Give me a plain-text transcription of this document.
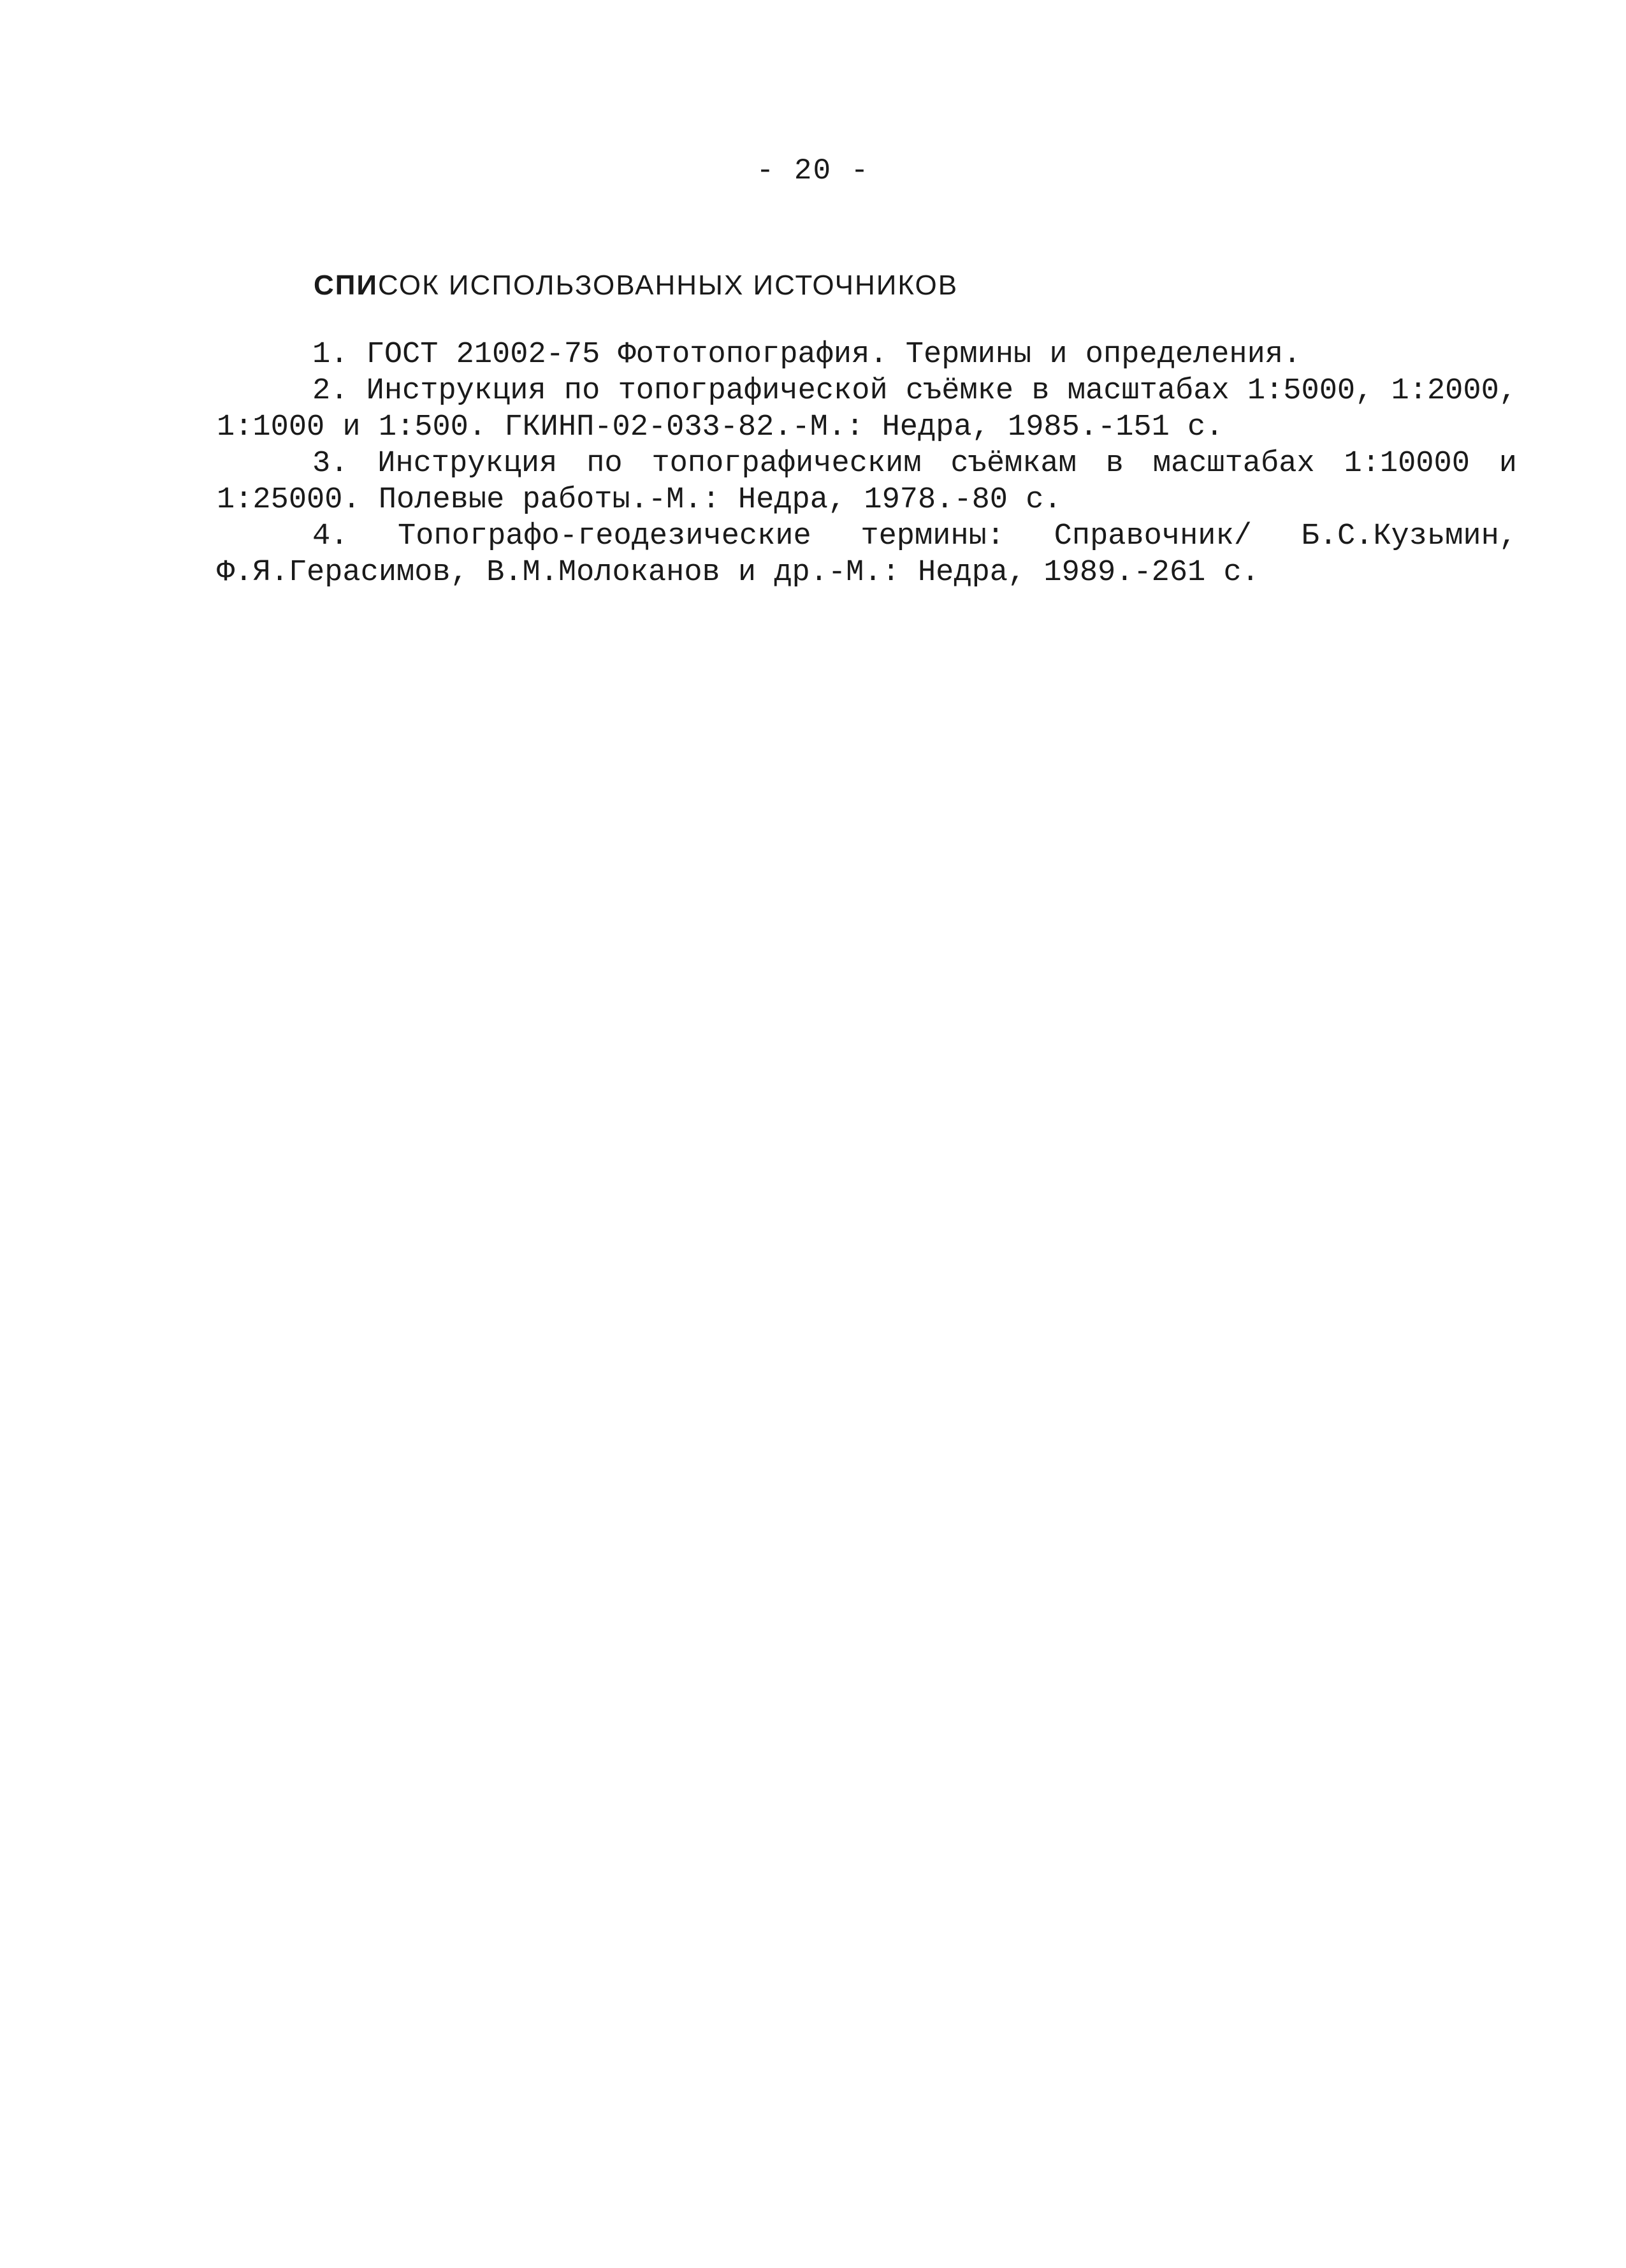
- 20 -
СПИСОК ИСПОЛЬЗОВАННЫХ ИСТОЧНИКОВ

1. ГОСТ 21002-75 Фототопография. Термины и определения.

2. Инструкция по топографической съёмке в масштабах 1:5000, 1:2000, 1:1000 и 1:500. ГКИНП-02-033-82.-М.: Недра, 1985.-151 с.

3. Инструкция по топографическим съёмкам в масштабах 1:10000 и 1:25000. Полевые работы.-М.: Недра, 1978.-80 с.

4. Топографо-геодезические термины: Справочник/ Б.С.Кузьмин, Ф.Я.Герасимов, В.М.Молоканов и др.-М.: Недра, 1989.-261 с.
